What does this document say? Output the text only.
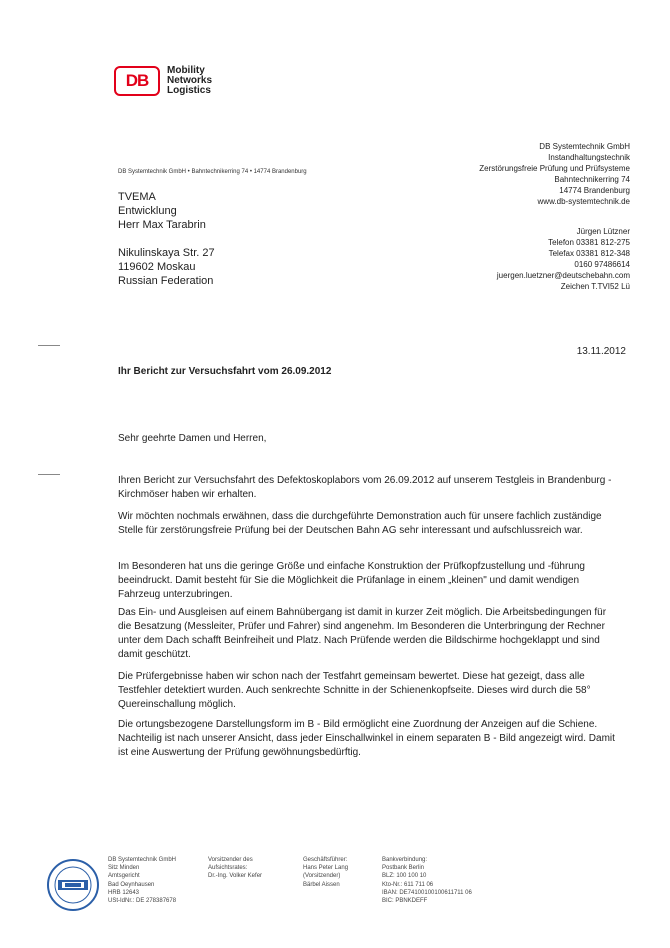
DB
Mobility
Networks
Logistics
DB Systemtechnik GmbH
Instandhaltungstechnik
Zerstörungsfreie Prüfung und Prüfsysteme
Bahntechnikerring 74
14774 Brandenburg
www.db-systemtechnik.de
DB Systemtechnik GmbH • Bahntechnikerring 74 • 14774 Brandenburg
TVEMA
Entwicklung
Herr Max Tarabrin
Nikulinskaya Str. 27
119602 Moskau
Russian Federation
Jürgen Lützner
Telefon 03381 812-275
Telefax 03381 812-348
0160 97486614
juergen.luetzner@deutschebahn.com
Zeichen T.TVI52 Lü
13.11.2012
Ihr Bericht zur Versuchsfahrt vom 26.09.2012
Sehr geehrte Damen und Herren,
Ihren Bericht zur Versuchsfahrt des Defektoskoplabors vom 26.09.2012 auf unserem Testgleis in Brandenburg - Kirchmöser haben wir erhalten.
Wir möchten nochmals erwähnen, dass die durchgeführte Demonstration auch für unsere fachlich zuständige Stelle für zerstörungsfreie Prüfung bei der Deutschen Bahn AG sehr interessant und aufschlussreich war.
Im Besonderen hat uns die geringe Größe und einfache Konstruktion der Prüfkopfzustellung und -führung beeindruckt. Damit besteht für Sie die Möglichkeit die Prüfanlage in einem „kleinen" und damit wendigen Fahrzeug unterzubringen.
Das Ein- und Ausgleisen auf einem Bahnübergang ist damit in kurzer Zeit möglich. Die Arbeitsbedingungen für die Besatzung (Messleiter, Prüfer und Fahrer) sind angenehm. Im Besonderen die Unterbringung der Rechner unter dem Dach schafft Beinfreiheit und Platz. Nach Prüfende werden die Bildschirme hochgeklappt und sind damit geschützt.
Die Prüfergebnisse haben wir schon nach der Testfahrt gemeinsam bewertet. Diese hat gezeigt, dass alle Testfehler detektiert wurden. Auch senkrechte Schnitte in der Schienenkopfseite. Dieses wird durch die 58° Quereinschallung möglich.
Die ortungsbezogene Darstellungsform im B - Bild ermöglicht eine Zuordnung der Anzeigen auf die Schiene. Nachteilig ist nach unserer Ansicht, dass jeder Einschallwinkel in einem separaten B - Bild angezeigt wird. Damit ist eine Auswertung der Prüfung gewöhnungsbedürftig.
DB Systemtechnik GmbH
Sitz Minden
Amtsgericht
Bad Oeynhausen
HRB 12643
USt-IdNr.: DE 278387678
Vorsitzender des
Aufsichtsrates:
Dr.-Ing. Volker Kefer
Geschäftsführer:
Hans Peter Lang
(Vorsitzender)
Bärbel Aissen
Bankverbindung:
Postbank Berlin
BLZ: 100 100 10
Kto-Nr.: 611 711 06
IBAN: DE74100100100611711 06
BIC: PBNKDEFF
